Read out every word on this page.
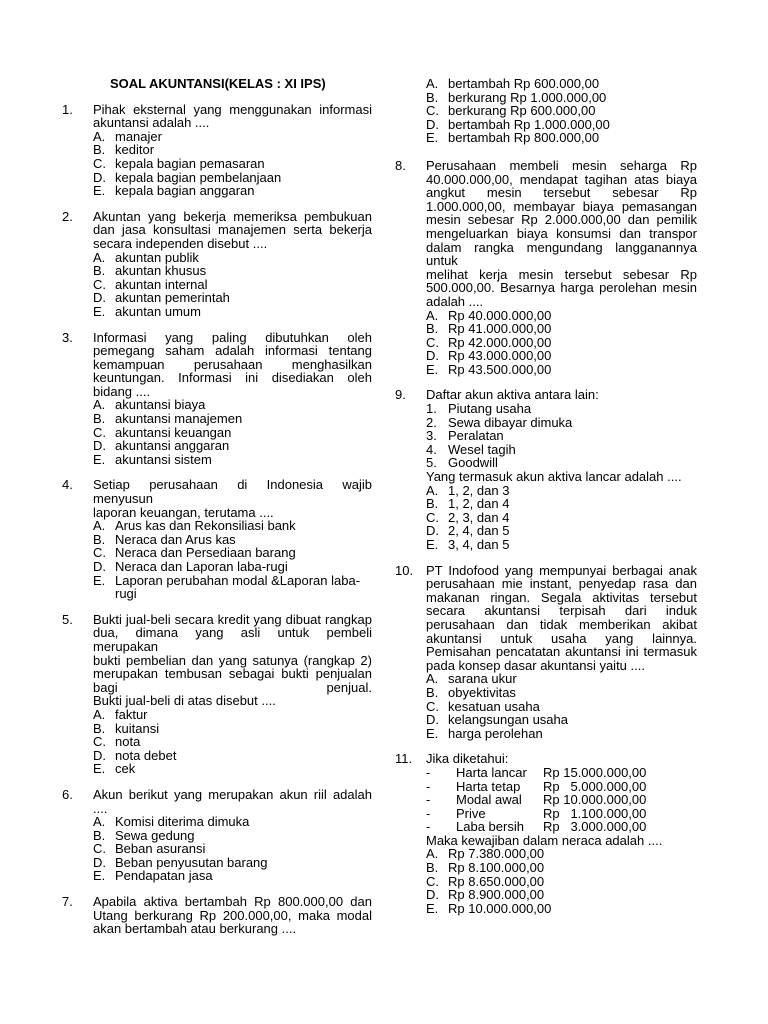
SOAL AKUNTANSI(KELAS : XI IPS)
1. Pihak eksternal yang menggunakan informasi
akuntansi adalah ....
A. manajer
B. keditor
C. kepala bagian pemasaran
D. kepala bagian pembelanjaan
E. kepala bagian anggaran
2. Akuntan yang bekerja memeriksa pembukuan
dan jasa konsultasi manajemen serta bekerja
secara independen disebut ....
A. akuntan publik
B. akuntan khusus
C. akuntan internal
D. akuntan pemerintah
E. akuntan umum
3. Informasi yang paling dibutuhkan oleh
pemegang saham adalah informasi tentang
kemampuan perusahaan menghasilkan
keuntungan. Informasi ini disediakan oleh
bidang ....
A. akuntansi biaya
B. akuntansi manajemen
C. akuntansi keuangan
D. akuntansi anggaran
E. akuntansi sistem
4. Setiap perusahaan di Indonesia wajib menyusun
laporan keuangan, terutama ....
A. Arus kas dan Rekonsiliasi bank
B. Neraca dan Arus kas
C. Neraca dan Persediaan barang
D. Neraca dan Laporan laba-rugi
E. Laporan perubahan modal &Laporan laba-rugi
5. Bukti jual-beli secara kredit yang dibuat rangkap
dua, dimana yang asli untuk pembeli merupakan
bukti pembelian dan yang satunya (rangkap 2)
merupakan tembusan sebagai bukti penjualan
bagi penjual.
Bukti jual-beli di atas disebut ....
A. faktur
B. kuitansi
C. nota
D. nota debet
E. cek
6. Akun berikut yang merupakan akun riil adalah
....
A. Komisi diterima dimuka
B. Sewa gedung
C. Beban asuransi
D. Beban penyusutan barang
E. Pendapatan jasa
7. Apabila aktiva bertambah Rp 800.000,00 dan
Utang berkurang Rp 200.000,00, maka modal
akan bertambah atau berkurang ....
A. bertambah Rp 600.000,00
B. berkurang Rp 1.000.000,00
C. berkurang Rp 600.000,00
D. bertambah Rp 1.000.000,00
E. bertambah Rp 800.000,00
8. Perusahaan membeli mesin seharga Rp
40.000.000,00, mendapat tagihan atas biaya
angkut mesin tersebut sebesar Rp
1.000.000,00, membayar biaya pemasangan
mesin sebesar Rp 2.000.000,00 dan pemilik
mengeluarkan biaya konsumsi dan transpor
dalam rangka mengundang langganannya untuk
melihat kerja mesin tersebut sebesar Rp
500.000,00. Besarnya harga perolehan mesin
adalah ....
A. Rp 40.000.000,00
B. Rp 41.000.000,00
C. Rp 42.000.000,00
D. Rp 43.000.000,00
E. Rp 43.500.000,00
9. Daftar akun aktiva antara lain:
1. Piutang usaha
2. Sewa dibayar dimuka
3. Peralatan
4. Wesel tagih
5. Goodwill
Yang termasuk akun aktiva lancar adalah ....
A. 1, 2, dan 3
B. 1, 2, dan 4
C. 2, 3, dan 4
D. 2, 4, dan 5
E. 3, 4, dan 5
10. PT Indofood yang mempunyai berbagai anak
perusahaan mie instant, penyedap rasa dan
makanan ringan. Segala aktivitas tersebut
secara akuntansi terpisah dari induk
perusahaan dan tidak memberikan akibat
akuntansi untuk usaha yang lainnya.
Pemisahan pencatatan akuntansi ini termasuk
pada konsep dasar akuntansi yaitu ....
A. sarana ukur
B. obyektivitas
C. kesatuan usaha
D. kelangsungan usaha
E. harga perolehan
11. Jika diketahui:
- Harta lancar Rp 15.000.000,00
- Harta tetap Rp   5.000.000,00
- Modal awal Rp 10.000.000,00
- Prive	Rp   1.100.000,00
- Laba bersih Rp   3.000.000,00
Maka kewajiban dalam neraca adalah ....
A. Rp 7.380.000,00
B. Rp 8.100.000,00
C. Rp 8.650.000,00
D. Rp 8.900.000,00
E. Rp 10.000.000,00
